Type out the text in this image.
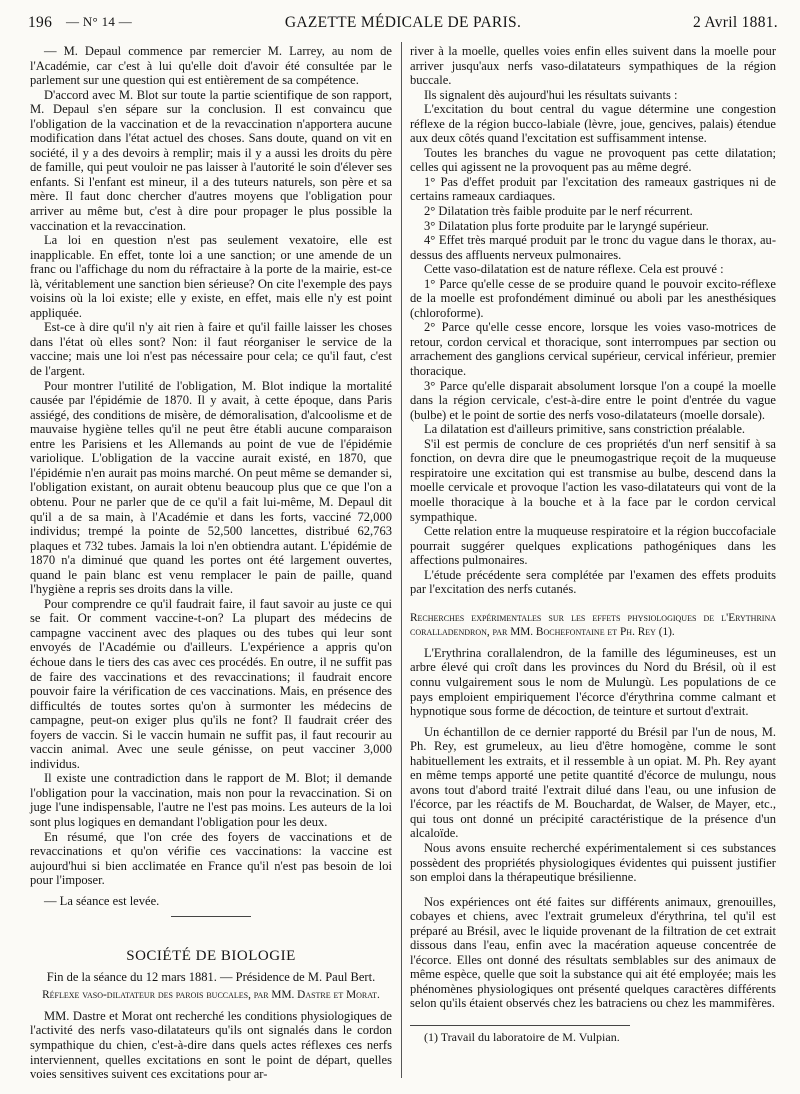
196 — N° 14 —	GAZETTE MÉDICALE DE PARIS.	2 Avril 1881.

— M. Depaul commence par remercier M. Larrey, au nom de l'Académie, car c'est à lui qu'elle doit d'avoir été consultée par le parlement sur une question qui est entièrement de sa compétence.

D'accord avec M. Blot sur toute la partie scientifique de son rapport, M. Depaul s'en sépare sur la conclusion. Il est convaincu que l'obligation de la vaccination et de la revaccination n'apportera aucune modification dans l'état actuel des choses. Sans doute, quand on vit en société, il y a des devoirs à remplir; mais il y a aussi les droits du père de famille, qui peut vouloir ne pas laisser à l'autorité le soin d'élever ses enfants. Si l'enfant est mineur, il a des tuteurs naturels, son père et sa mère. Il faut donc chercher d'autres moyens que l'obligation pour arriver au même but, c'est à dire pour propager le plus possible la vaccination et la revaccination.

La loi en question n'est pas seulement vexatoire, elle est inapplicable. En effet, tonte loi a une sanction; or une amende de un franc ou l'affichage du nom du réfractaire à la porte de la mairie, est-ce là, véritablement une sanction bien sérieuse? On cite l'exemple des pays voisins où la loi existe; elle y existe, en effet, mais elle n'y est point appliquée.

Est-ce à dire qu'il n'y ait rien à faire et qu'il faille laisser les choses dans l'état où elles sont? Non: il faut réorganiser le service de la vaccine; mais une loi n'est pas nécessaire pour cela; ce qu'il faut, c'est de l'argent.

Pour montrer l'utilité de l'obligation, M. Blot indique la mortalité causée par l'épidémie de 1870. Il y avait, à cette époque, dans Paris assiégé, des conditions de misère, de démoralisation, d'alcoolisme et de mauvaise hygiène telles qu'il ne peut être établi aucune comparaison entre les Parisiens et les Allemands au point de vue de l'épidémie variolique. L'obligation de la vaccine aurait existé, en 1870, que l'épidémie n'en aurait pas moins marché. On peut même se demander si, l'obligation existant, on aurait obtenu beaucoup plus que ce que l'on a obtenu. Pour ne parler que de ce qu'il a fait lui-même, M. Depaul dit qu'il a de sa main, à l'Académie et dans les forts, vacciné 72,000 individus; trempé la pointe de 52,500 lancettes, distribué 62,763 plaques et 732 tubes. Jamais la loi n'en obtiendra autant. L'épidémie de 1870 n'a diminué que quand les portes ont été largement ouvertes, quand le pain blanc est venu remplacer le pain de paille, quand l'hygiène a repris ses droits dans la ville.

Pour comprendre ce qu'il faudrait faire, il faut savoir au juste ce qui se fait. Or comment vaccine-t-on? La plupart des médecins de campagne vaccinent avec des plaques ou des tubes qui leur sont envoyés de l'Académie ou d'ailleurs. L'expérience a appris qu'on échoue dans le tiers des cas avec ces procédés. En outre, il ne suffit pas de faire des vaccinations et des revaccinations; il faudrait encore pouvoir faire la vérification de ces vaccinations. Mais, en présence des difficultés de toutes sortes qu'on à surmonter les médecins de campagne, peut-on exiger plus qu'ils ne font? Il faudrait créer des foyers de vaccin. Si le vaccin humain ne suffit pas, il faut recourir au vaccin animal. Avec une seule génisse, on peut vacciner 3,000 individus.

Il existe une contradiction dans le rapport de M. Blot; il demande l'obligation pour la vaccination, mais non pour la revaccination. Si on juge l'une indispensable, l'autre ne l'est pas moins. Les auteurs de la loi sont plus logiques en demandant l'obligation pour les deux.

En résumé, que l'on crée des foyers de vaccinations et de revaccinations et qu'on vérifie ces vaccinations: la vaccine est aujourd'hui si bien acclimatée en France qu'il n'est pas besoin de loi pour l'imposer.

— La séance est levée.

SOCIÉTÉ DE BIOLOGIE
Fin de la séance du 12 mars 1881. — Présidence de M. Paul Bert.
Réflexe vaso-dilatateur des parois buccales, par MM. Dastre et Morat.

MM. Dastre et Morat ont recherché les conditions physiologiques de l'activité des nerfs vaso-dilatateurs qu'ils ont signalés dans le cordon sympathique du chien, c'est-à-dire dans quels actes réflexes ces nerfs interviennent, quelles excitations en sont le point de départ, quelles voies sensitives suivent ces excitations pour ar-

river à la moelle, quelles voies enfin elles suivent dans la moelle pour arriver jusqu'aux nerfs vaso-dilatateurs sympathiques de la région buccale.

Ils signalent dès aujourd'hui les résultats suivants :

L'excitation du bout central du vague détermine une congestion réflexe de la région bucco-labiale (lèvre, joue, gencives, palais) étendue aux deux côtés quand l'excitation est suffisamment intense.

Toutes les branches du vague ne provoquent pas cette dilatation; celles qui agissent ne la provoquent pas au même degré.

1° Pas d'effet produit par l'excitation des rameaux gastriques ni de certains rameaux cardiaques.

2° Dilatation très faible produite par le nerf récurrent.

3° Dilatation plus forte produite par le laryngé supérieur.

4° Effet très marqué produit par le tronc du vague dans le thorax, au-dessus des affluents nerveux pulmonaires.

Cette vaso-dilatation est de nature réflexe. Cela est prouvé :

1° Parce qu'elle cesse de se produire quand le pouvoir excito-réflexe de la moelle est profondément diminué ou aboli par les anesthésiques (chloroforme).

2° Parce qu'elle cesse encore, lorsque les voies vaso-motrices de retour, cordon cervical et thoracique, sont interrompues par section ou arrachement des ganglions cervical supérieur, cervical inférieur, premier thoracique.

3° Parce qu'elle disparait absolument lorsque l'on a coupé la moelle dans la région cervicale, c'est-à-dire entre le point d'entrée du vague (bulbe) et le point de sortie des nerfs voso-dilatateurs (moelle dorsale).

La dilatation est d'ailleurs primitive, sans constriction préalable.

S'il est permis de conclure de ces propriétés d'un nerf sensitif à sa fonction, on devra dire que le pneumogastrique reçoit de la muqueuse respiratoire une excitation qui est transmise au bulbe, descend dans la moelle cervicale et provoque l'action les vaso-dilatateurs qui vont de la moelle thoracique à la bouche et à la face par le cordon cervical sympathique.

Cette relation entre la muqueuse respiratoire et la région buccofaciale pourrait suggérer quelques explications pathogéniques dans les affections pulmonaires.

L'étude précédente sera complétée par l'examen des effets produits par l'excitation des nerfs cutanés.

Recherches expérimentales sur les effets physiologiques de l'Erythrina coralladendron, par MM. Bochefontaine et Ph. Rey (1).

L'Erythrina corallalendron, de la famille des légumineuses, est un arbre élevé qui croît dans les provinces du Nord du Brésil, où il est connu vulgairement sous le nom de Mulungù. Les populations de ce pays emploient empiriquement l'écorce d'érythrina comme calmant et hypnotique sous forme de décoction, de teinture et surtout d'extrait.

Un échantillon de ce dernier rapporté du Brésil par l'un de nous, M. Ph. Rey, est grumeleux, au lieu d'être homogène, comme le sont habituellement les extraits, et il ressemble à un opiat. M. Ph. Rey ayant en même temps apporté une petite quantité d'écorce de mulungu, nous avons tout d'abord traité l'extrait dilué dans l'eau, ou une infusion de l'écorce, par les réactifs de M. Bouchardat, de Walser, de Mayer, etc., qui tous ont donné un précipité caractéristique de la présence d'un alcaloïde.

Nous avons ensuite recherché expérimentalement si ces substances possèdent des propriétés physiologiques évidentes qui puissent justifier son emploi dans la thérapeutique brésilienne.

Nos expériences ont été faites sur différents animaux, grenouilles, cobayes et chiens, avec l'extrait grumeleux d'érythrina, tel qu'il est préparé au Brésil, avec le liquide provenant de la filtration de cet extrait dissous dans l'eau, enfin avec la macération aqueuse concentrée de l'écorce. Elles ont donné des résultats semblables sur des animaux de même espèce, quelle que soit la substance qui ait été employée; mais les phénomènes physiologiques ont présenté quelques caractères différents selon qu'ils étaient observés chez les batraciens ou chez les mammifères.

(1) Travail du laboratoire de M. Vulpian.
